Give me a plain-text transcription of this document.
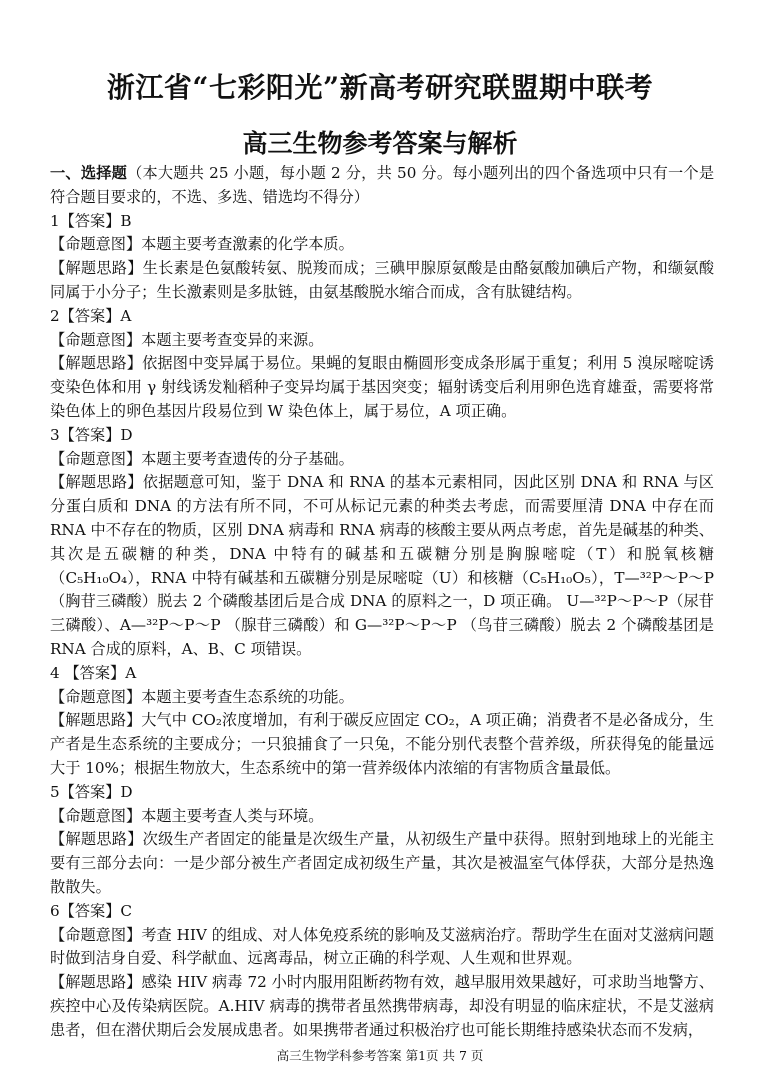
浙江省“七彩阳光”新高考研究联盟期中联考
高三生物参考答案与解析

一、选择题（本大题共 25 小题，每小题 2 分，共 50 分。每小题列出的四个备选项中只有一个是符合题目要求的，不选、多选、错选均不得分）

1【答案】B

【命题意图】本题主要考查激素的化学本质。

【解题思路】生长素是色氨酸转氨、脱羧而成；三碘甲腺原氨酸是由酪氨酸加碘后产物，和缬氨酸同属于小分子；生长激素则是多肽链，由氨基酸脱水缩合而成，含有肽键结构。

2【答案】A

【命题意图】本题主要考查变异的来源。

【解题思路】依据图中变异属于易位。果蝇的复眼由椭圆形变成条形属于重复；利用 5 溴尿嘧啶诱变染色体和用 γ 射线诱发籼稻种子变异均属于基因突变；辐射诱变后利用卵色选育雄蚕，需要将常染色体上的卵色基因片段易位到 W 染色体上，属于易位，A 项正确。

3【答案】D

【命题意图】本题主要考查遗传的分子基础。

【解题思路】依据题意可知，鉴于 DNA 和 RNA 的基本元素相同，因此区别 DNA 和 RNA 与区分蛋白质和 DNA 的方法有所不同，不可从标记元素的种类去考虑，而需要厘清 DNA 中存在而 RNA 中不存在的物质，区别 DNA 病毒和 RNA 病毒的核酸主要从两点考虑，首先是碱基的种类、其次是五碳糖的种类，DNA 中特有的碱基和五碳糖分别是胸腺嘧啶（T）和脱氧核糖（C₅H₁₀O₄），RNA 中特有碱基和五碳糖分别是尿嘧啶（U）和核糖（C₅H₁₀O₅），T—³²P～P～P （胸苷三磷酸）脱去 2 个磷酸基团后是合成 DNA 的原料之一，D 项正确。 U—³²P～P～P（尿苷三磷酸）、A—³²P～P～P （腺苷三磷酸）和 G—³²P～P～P （鸟苷三磷酸）脱去 2 个磷酸基团是 RNA 合成的原料，A、B、C 项错误。

4 【答案】A

【命题意图】本题主要考查生态系统的功能。

【解题思路】大气中 CO₂浓度增加，有利于碳反应固定 CO₂，A 项正确；消费者不是必备成分，生产者是生态系统的主要成分；一只狼捕食了一只兔，不能分别代表整个营养级，所获得兔的能量远大于 10%；根据生物放大，生态系统中的第一营养级体内浓缩的有害物质含量最低。

5【答案】D

【命题意图】本题主要考查人类与环境。

【解题思路】次级生产者固定的能量是次级生产量，从初级生产量中获得。照射到地球上的光能主要有三部分去向：一是少部分被生产者固定成初级生产量，其次是被温室气体俘获，大部分是热逸散散失。

6【答案】C

【命题意图】考查 HIV 的组成、对人体免疫系统的影响及艾滋病治疗。帮助学生在面对艾滋病问题时做到洁身自爱、科学献血、远离毒品，树立正确的科学观、人生观和世界观。

【解题思路】感染 HIV 病毒 72 小时内服用阻断药物有效，越早服用效果越好，可求助当地警方、疾控中心及传染病医院。A.HIV 病毒的携带者虽然携带病毒，却没有明显的临床症状，不是艾滋病患者，但在潜伏期后会发展成患者。如果携带者通过积极治疗也可能长期维持感染状态而不发病，

高三生物学科参考答案 第1页 共 7 页
